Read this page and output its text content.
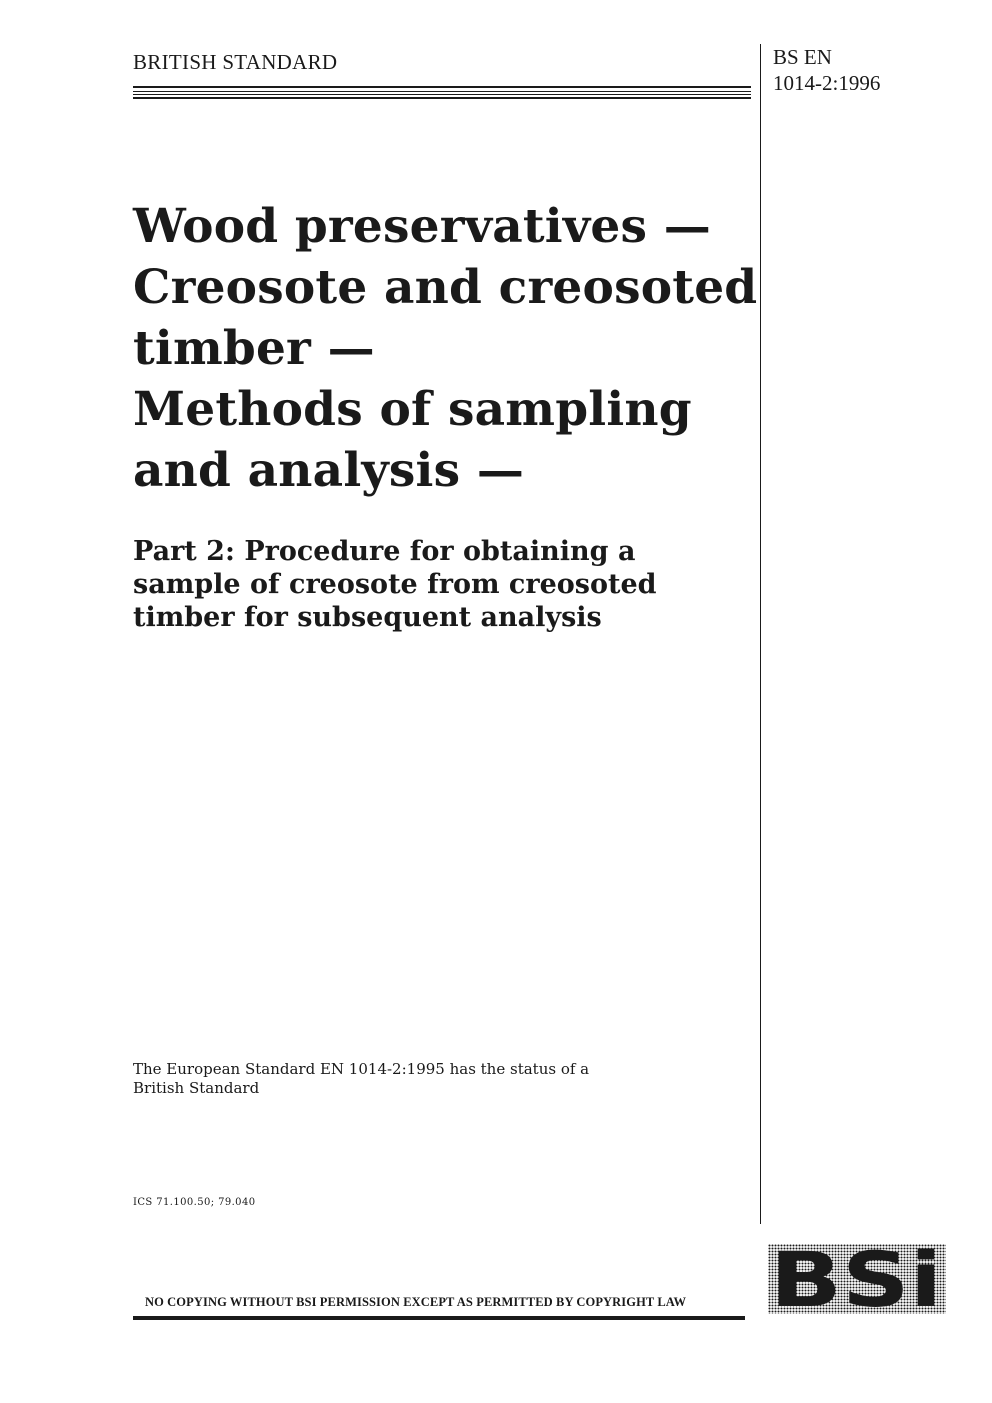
BRITISH STANDARD	BS EN
1014-2:1996
Wood preservatives —
Creosote and creosoted
timber —
Methods of sampling
and analysis —
Part 2: Procedure for obtaining a
sample of creosote from creosoted
timber for subsequent analysis
The European Standard EN 1014-2:1995 has the status of a
British Standard
ICS 71.100.50; 79.040
NO COPYING WITHOUT BSI PERMISSION EXCEPT AS PERMITTED BY COPYRIGHT LAW BSi
